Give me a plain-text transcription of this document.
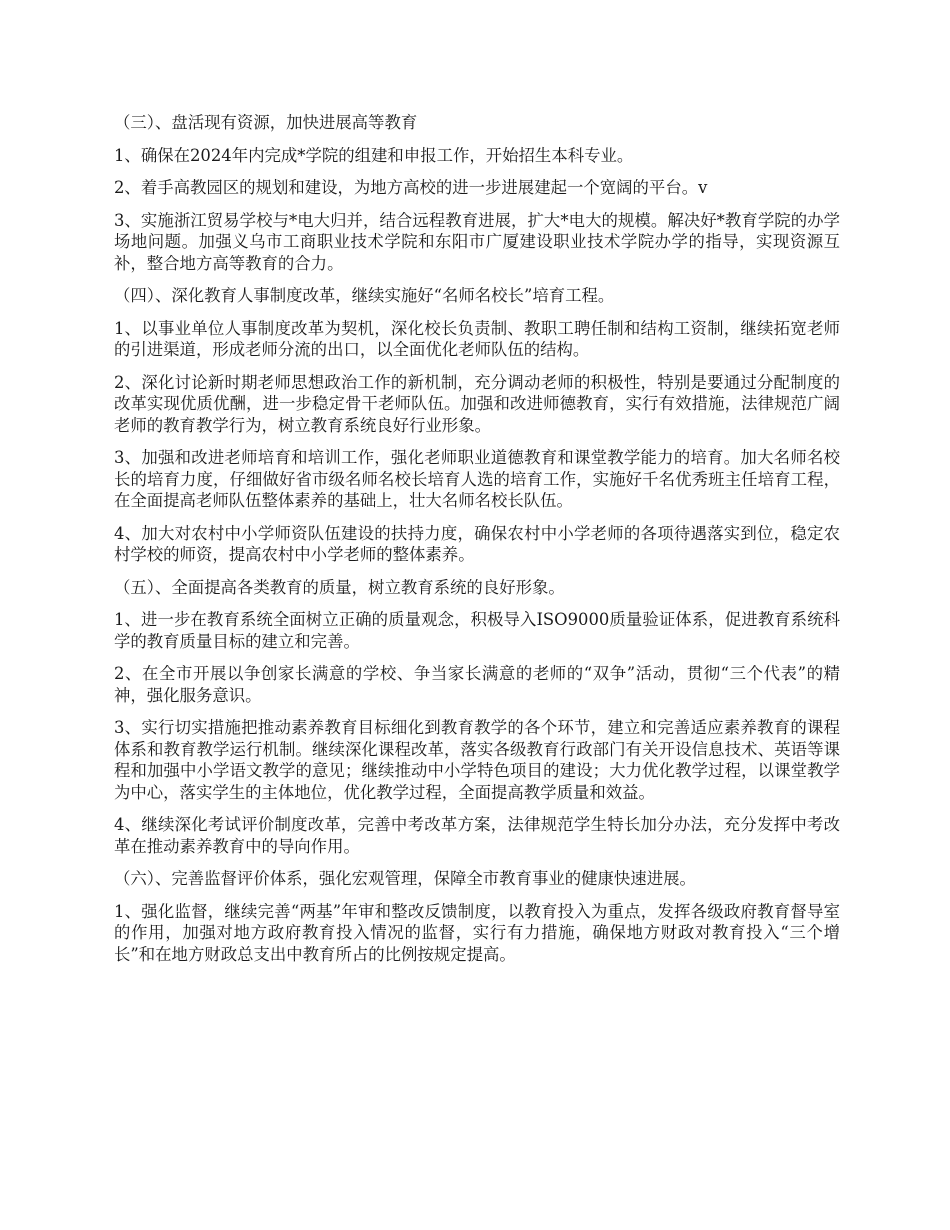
（三）、盘活现有资源，加快进展高等教育

1、确保在2024年内完成*学院的组建和申报工作，开始招生本科专业。

2、着手高教园区的规划和建设，为地方高校的进一步进展建起一个宽阔的平台。v

3、实施浙江贸易学校与*电大归并，结合远程教育进展，扩大*电大的规模。解决好*教育学院的办学场地问题。加强义乌市工商职业技术学院和东阳市广厦建设职业技术学院办学的指导，实现资源互补，整合地方高等教育的合力。

（四）、深化教育人事制度改革，继续实施好“名师名校长”培育工程。

1、以事业单位人事制度改革为契机，深化校长负责制、教职工聘任制和结构工资制，继续拓宽老师的引进渠道，形成老师分流的出口，以全面优化老师队伍的结构。

2、深化讨论新时期老师思想政治工作的新机制，充分调动老师的积极性，特别是要通过分配制度的改革实现优质优酬，进一步稳定骨干老师队伍。加强和改进师德教育，实行有效措施，法律规范广阔老师的教育教学行为，树立教育系统良好行业形象。

3、加强和改进老师培育和培训工作，强化老师职业道德教育和课堂教学能力的培育。加大名师名校长的培育力度，仔细做好省市级名师名校长培育人选的培育工作，实施好千名优秀班主任培育工程，在全面提高老师队伍整体素养的基础上，壮大名师名校长队伍。

4、加大对农村中小学师资队伍建设的扶持力度，确保农村中小学老师的各项待遇落实到位，稳定农村学校的师资，提高农村中小学老师的整体素养。

（五）、全面提高各类教育的质量，树立教育系统的良好形象。

1、进一步在教育系统全面树立正确的质量观念，积极导入ISO9000质量验证体系，促进教育系统科学的教育质量目标的建立和完善。

2、在全市开展以争创家长满意的学校、争当家长满意的老师的“双争”活动，贯彻“三个代表”的精神，强化服务意识。

3、实行切实措施把推动素养教育目标细化到教育教学的各个环节，建立和完善适应素养教育的课程体系和教育教学运行机制。继续深化课程改革，落实各级教育行政部门有关开设信息技术、英语等课程和加强中小学语文教学的意见；继续推动中小学特色项目的建设；大力优化教学过程，以课堂教学为中心，落实学生的主体地位，优化教学过程，全面提高教学质量和效益。

4、继续深化考试评价制度改革，完善中考改革方案，法律规范学生特长加分办法，充分发挥中考改革在推动素养教育中的导向作用。

（六）、完善监督评价体系，强化宏观管理，保障全市教育事业的健康快速进展。

1、强化监督，继续完善“两基”年审和整改反馈制度，以教育投入为重点，发挥各级政府教育督导室的作用，加强对地方政府教育投入情况的监督，实行有力措施，确保地方财政对教育投入“三个增长”和在地方财政总支出中教育所占的比例按规定提高。
